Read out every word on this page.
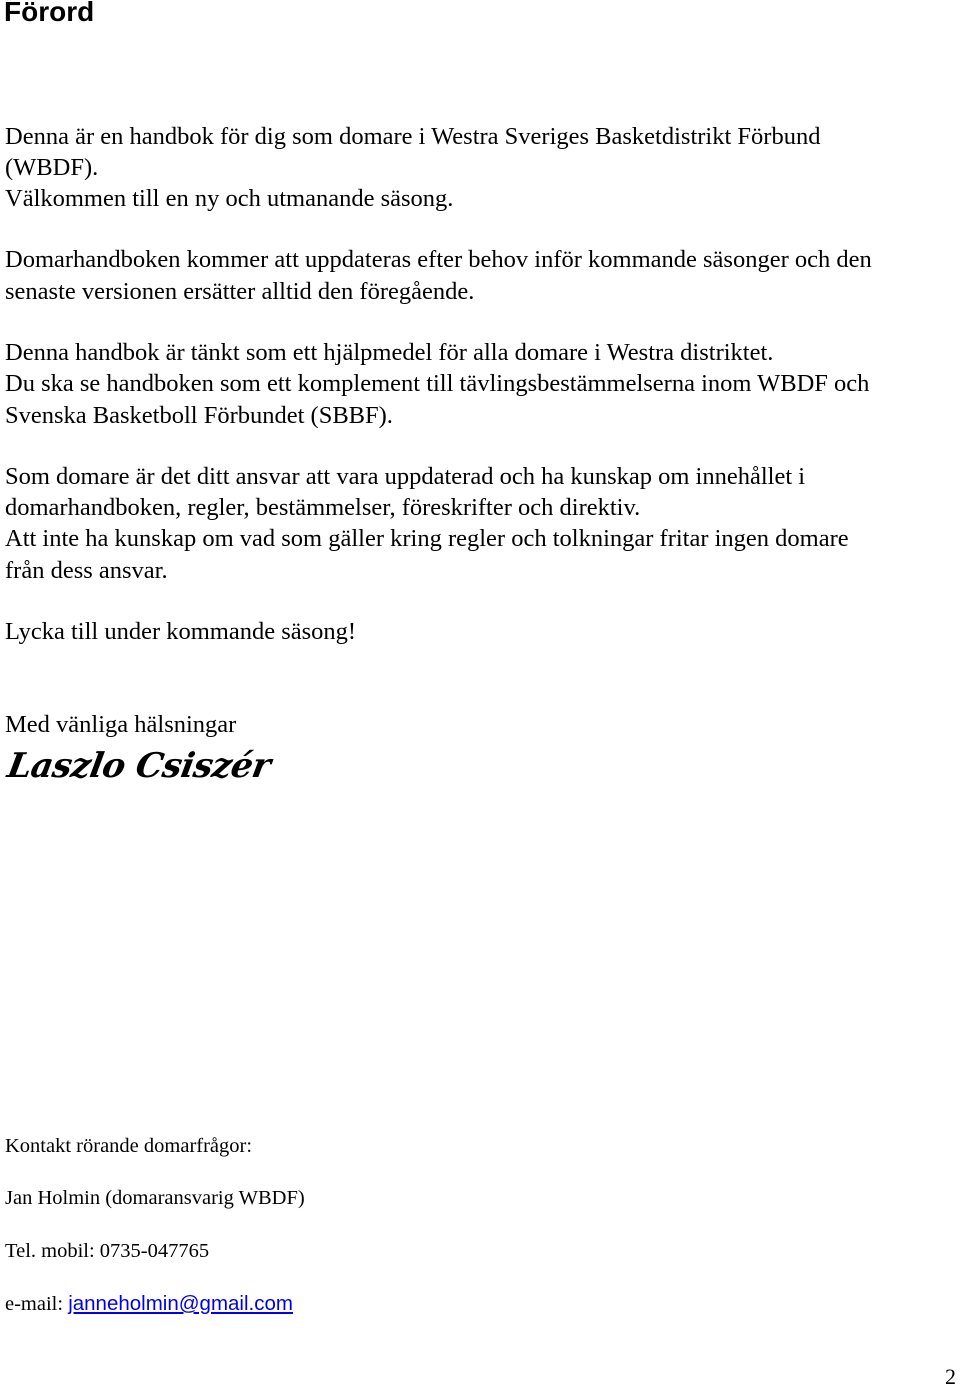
Förord

Denna är en handbok för dig som domare i Westra Sveriges Basketdistrikt Förbund

(WBDF).

Välkommen till en ny och utmanande säsong.

Domarhandboken kommer att uppdateras efter behov inför kommande säsonger och den

senaste versionen ersätter alltid den föregående.

Denna handbok är tänkt som ett hjälpmedel för alla domare i Westra distriktet.

Du ska se handboken som ett komplement till tävlingsbestämmelserna inom WBDF och

Svenska Basketboll Förbundet (SBBF).

Som domare är det ditt ansvar att vara uppdaterad och ha kunskap om innehållet i

domarhandboken, regler, bestämmelser, föreskrifter och direktiv.

Att inte ha kunskap om vad som gäller kring regler och tolkningar fritar ingen domare

från dess ansvar.

Lycka till under kommande säsong!

Med vänliga hälsningar

Laszlo Csiszér

Kontakt rörande domarfrågor:

Jan Holmin (domaransvarig WBDF)

Tel. mobil: 0735-047765

e-mail: janneholmin@gmail.com

2
